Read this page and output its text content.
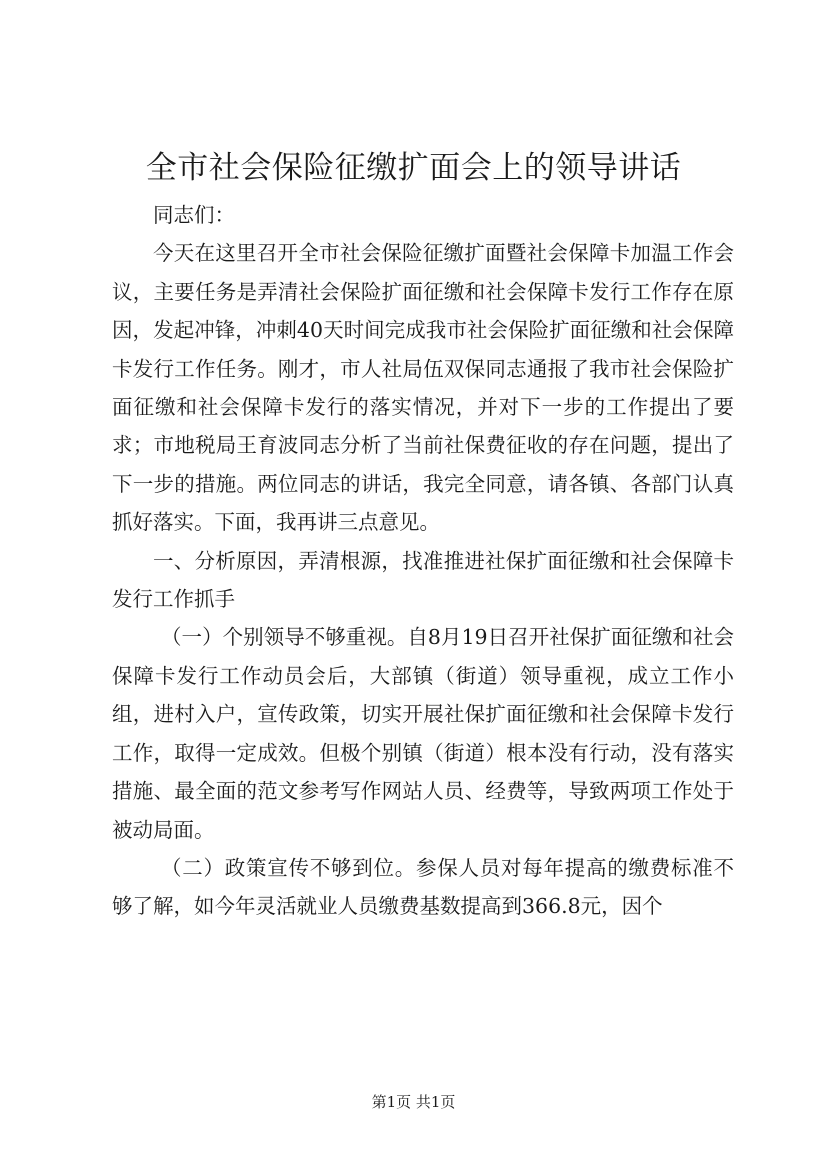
全市社会保险征缴扩面会上的领导讲话

同志们：

今天在这里召开全市社会保险征缴扩面暨社会保障卡加温工作会议，主要任务是弄清社会保险扩面征缴和社会保障卡发行工作存在原因，发起冲锋，冲刺40天时间完成我市社会保险扩面征缴和社会保障卡发行工作任务。刚才，市人社局伍双保同志通报了我市社会保险扩面征缴和社会保障卡发行的落实情况，并对下一步的工作提出了要求；市地税局王育波同志分析了当前社保费征收的存在问题，提出了下一步的措施。两位同志的讲话，我完全同意，请各镇、各部门认真抓好落实。下面，我再讲三点意见。

一、分析原因，弄清根源，找准推进社保扩面征缴和社会保障卡发行工作抓手

（一）个别领导不够重视。自8月19日召开社保扩面征缴和社会保障卡发行工作动员会后，大部镇（街道）领导重视，成立工作小组，进村入户，宣传政策，切实开展社保扩面征缴和社会保障卡发行工作，取得一定成效。但极个别镇（街道）根本没有行动，没有落实措施、最全面的范文参考写作网站人员、经费等，导致两项工作处于被动局面。

（二）政策宣传不够到位。参保人员对每年提高的缴费标准不够了解，如今年灵活就业人员缴费基数提高到366.8元，因个

第1页 共1页
